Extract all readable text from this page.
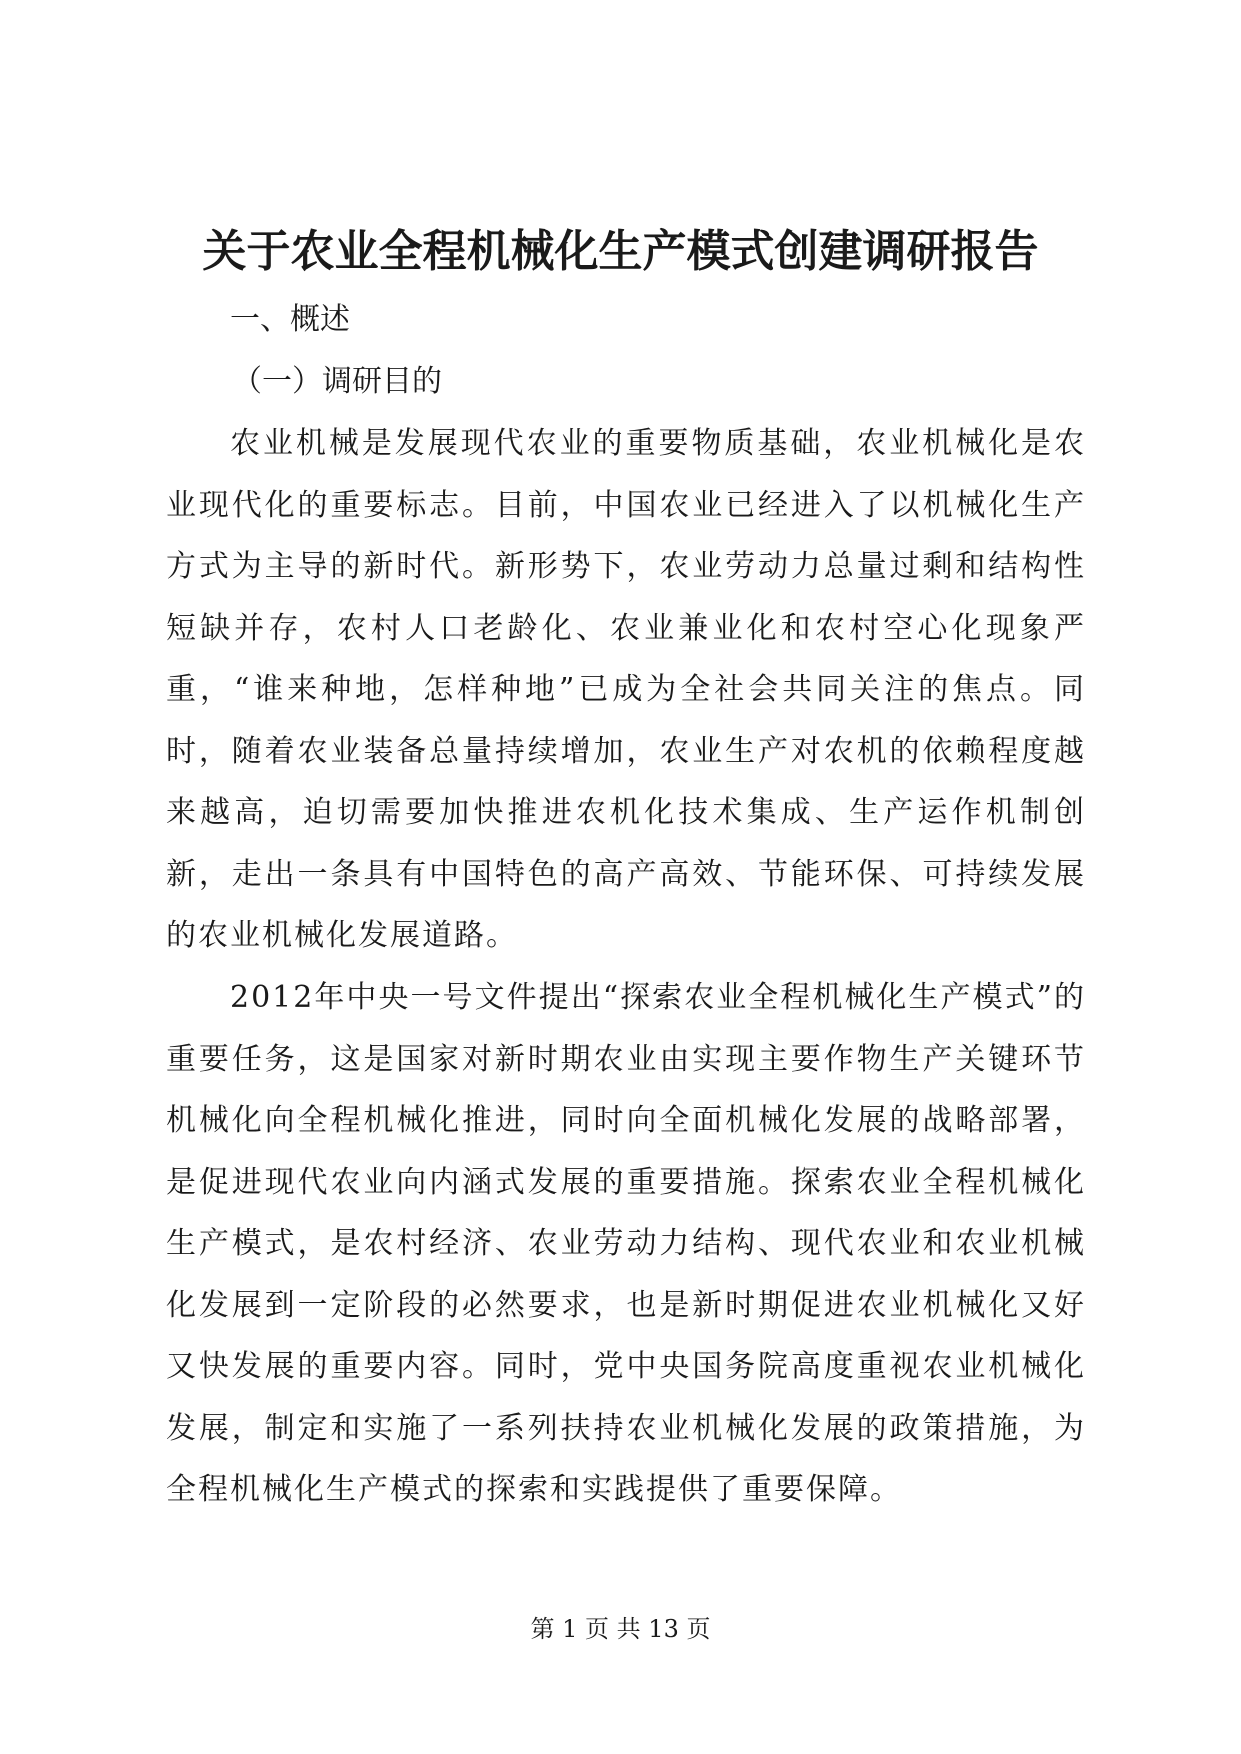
关于农业全程机械化生产模式创建调研报告
一、概述
（一）调研目的

农业机械是发展现代农业的重要物质基础，农业机械化是农业现代化的重要标志。目前，中国农业已经进入了以机械化生产方式为主导的新时代。新形势下，农业劳动力总量过剩和结构性短缺并存，农村人口老龄化、农业兼业化和农村空心化现象严重，“谁来种地，怎样种地”已成为全社会共同关注的焦点。同时，随着农业装备总量持续增加，农业生产对农机的依赖程度越来越高，迫切需要加快推进农机化技术集成、生产运作机制创新，走出一条具有中国特色的高产高效、节能环保、可持续发展的农业机械化发展道路。

2012年中央一号文件提出“探索农业全程机械化生产模式”的重要任务，这是国家对新时期农业由实现主要作物生产关键环节机械化向全程机械化推进，同时向全面机械化发展的战略部署，是促进现代农业向内涵式发展的重要措施。探索农业全程机械化生产模式，是农村经济、农业劳动力结构、现代农业和农业机械化发展到一定阶段的必然要求，也是新时期促进农业机械化又好又快发展的重要内容。同时，党中央国务院高度重视农业机械化发展，制定和实施了一系列扶持农业机械化发展的政策措施，为全程机械化生产模式的探索和实践提供了重要保障。

第 1 页 共 13 页
